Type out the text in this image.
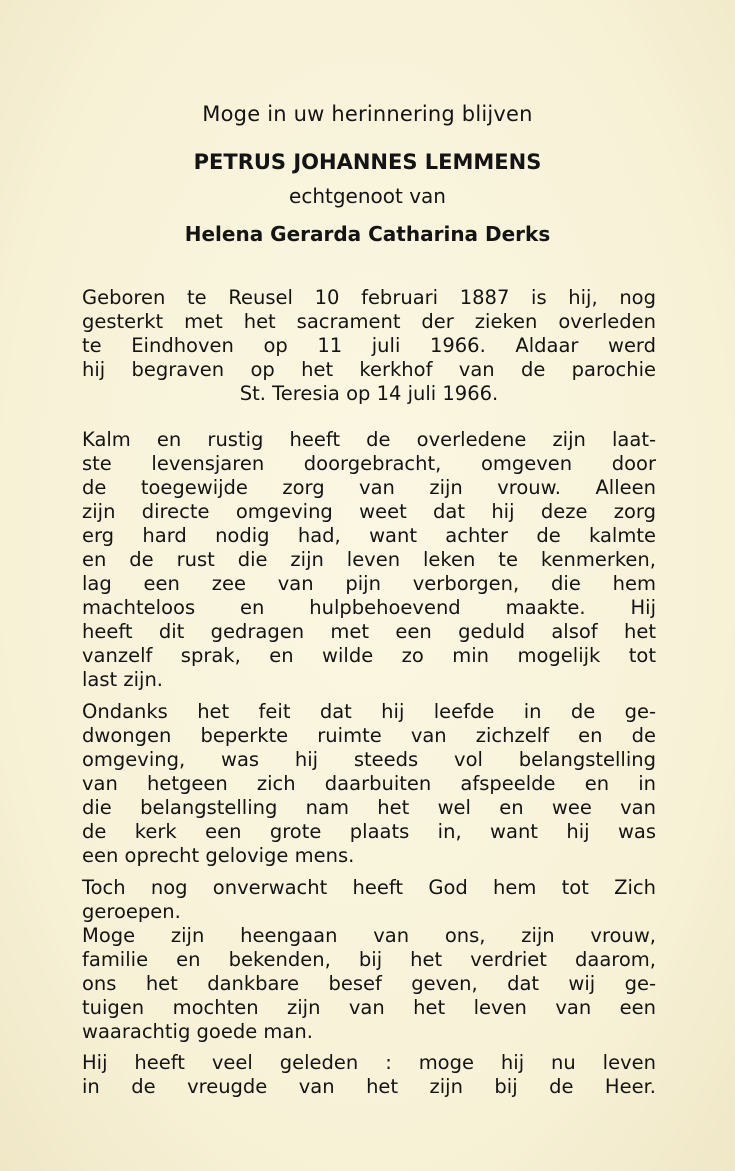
Moge in uw herinnering blijven
PETRUS JOHANNES LEMMENS
echtgenoot van
Helena Gerarda Catharina Derks

Geboren te Reusel 10 februari 1887 is hij, nog
gesterkt met het sacrament der zieken overleden
te Eindhoven op 11 juli 1966. Aldaar werd
hij begraven op het kerkhof van de parochie
St. Teresia op 14 juli 1966.

Kalm en rustig heeft de overledene zijn laat-
ste levensjaren doorgebracht, omgeven door
de toegewijde zorg van zijn vrouw. Alleen
zijn directe omgeving weet dat hij deze zorg
erg hard nodig had, want achter de kalmte
en de rust die zijn leven leken te kenmerken,
lag een zee van pijn verborgen, die hem
machteloos en hulpbehoevend maakte. Hij
heeft dit gedragen met een geduld alsof het
vanzelf sprak, en wilde zo min mogelijk tot
last zijn.

Ondanks het feit dat hij leefde in de ge-
dwongen beperkte ruimte van zichzelf en de
omgeving, was hij steeds vol belangstelling
van hetgeen zich daarbuiten afspeelde en in
die belangstelling nam het wel en wee van
de kerk een grote plaats in, want hij was
een oprecht gelovige mens.

Toch nog onverwacht heeft God hem tot Zich
geroepen.
Moge zijn heengaan van ons, zijn vrouw,
familie en bekenden, bij het verdriet daarom,
ons het dankbare besef geven, dat wij ge-
tuigen mochten zijn van het leven van een
waarachtig goede man.

Hij heeft veel geleden : moge hij nu leven
in de vreugde van het zijn bij de Heer.
